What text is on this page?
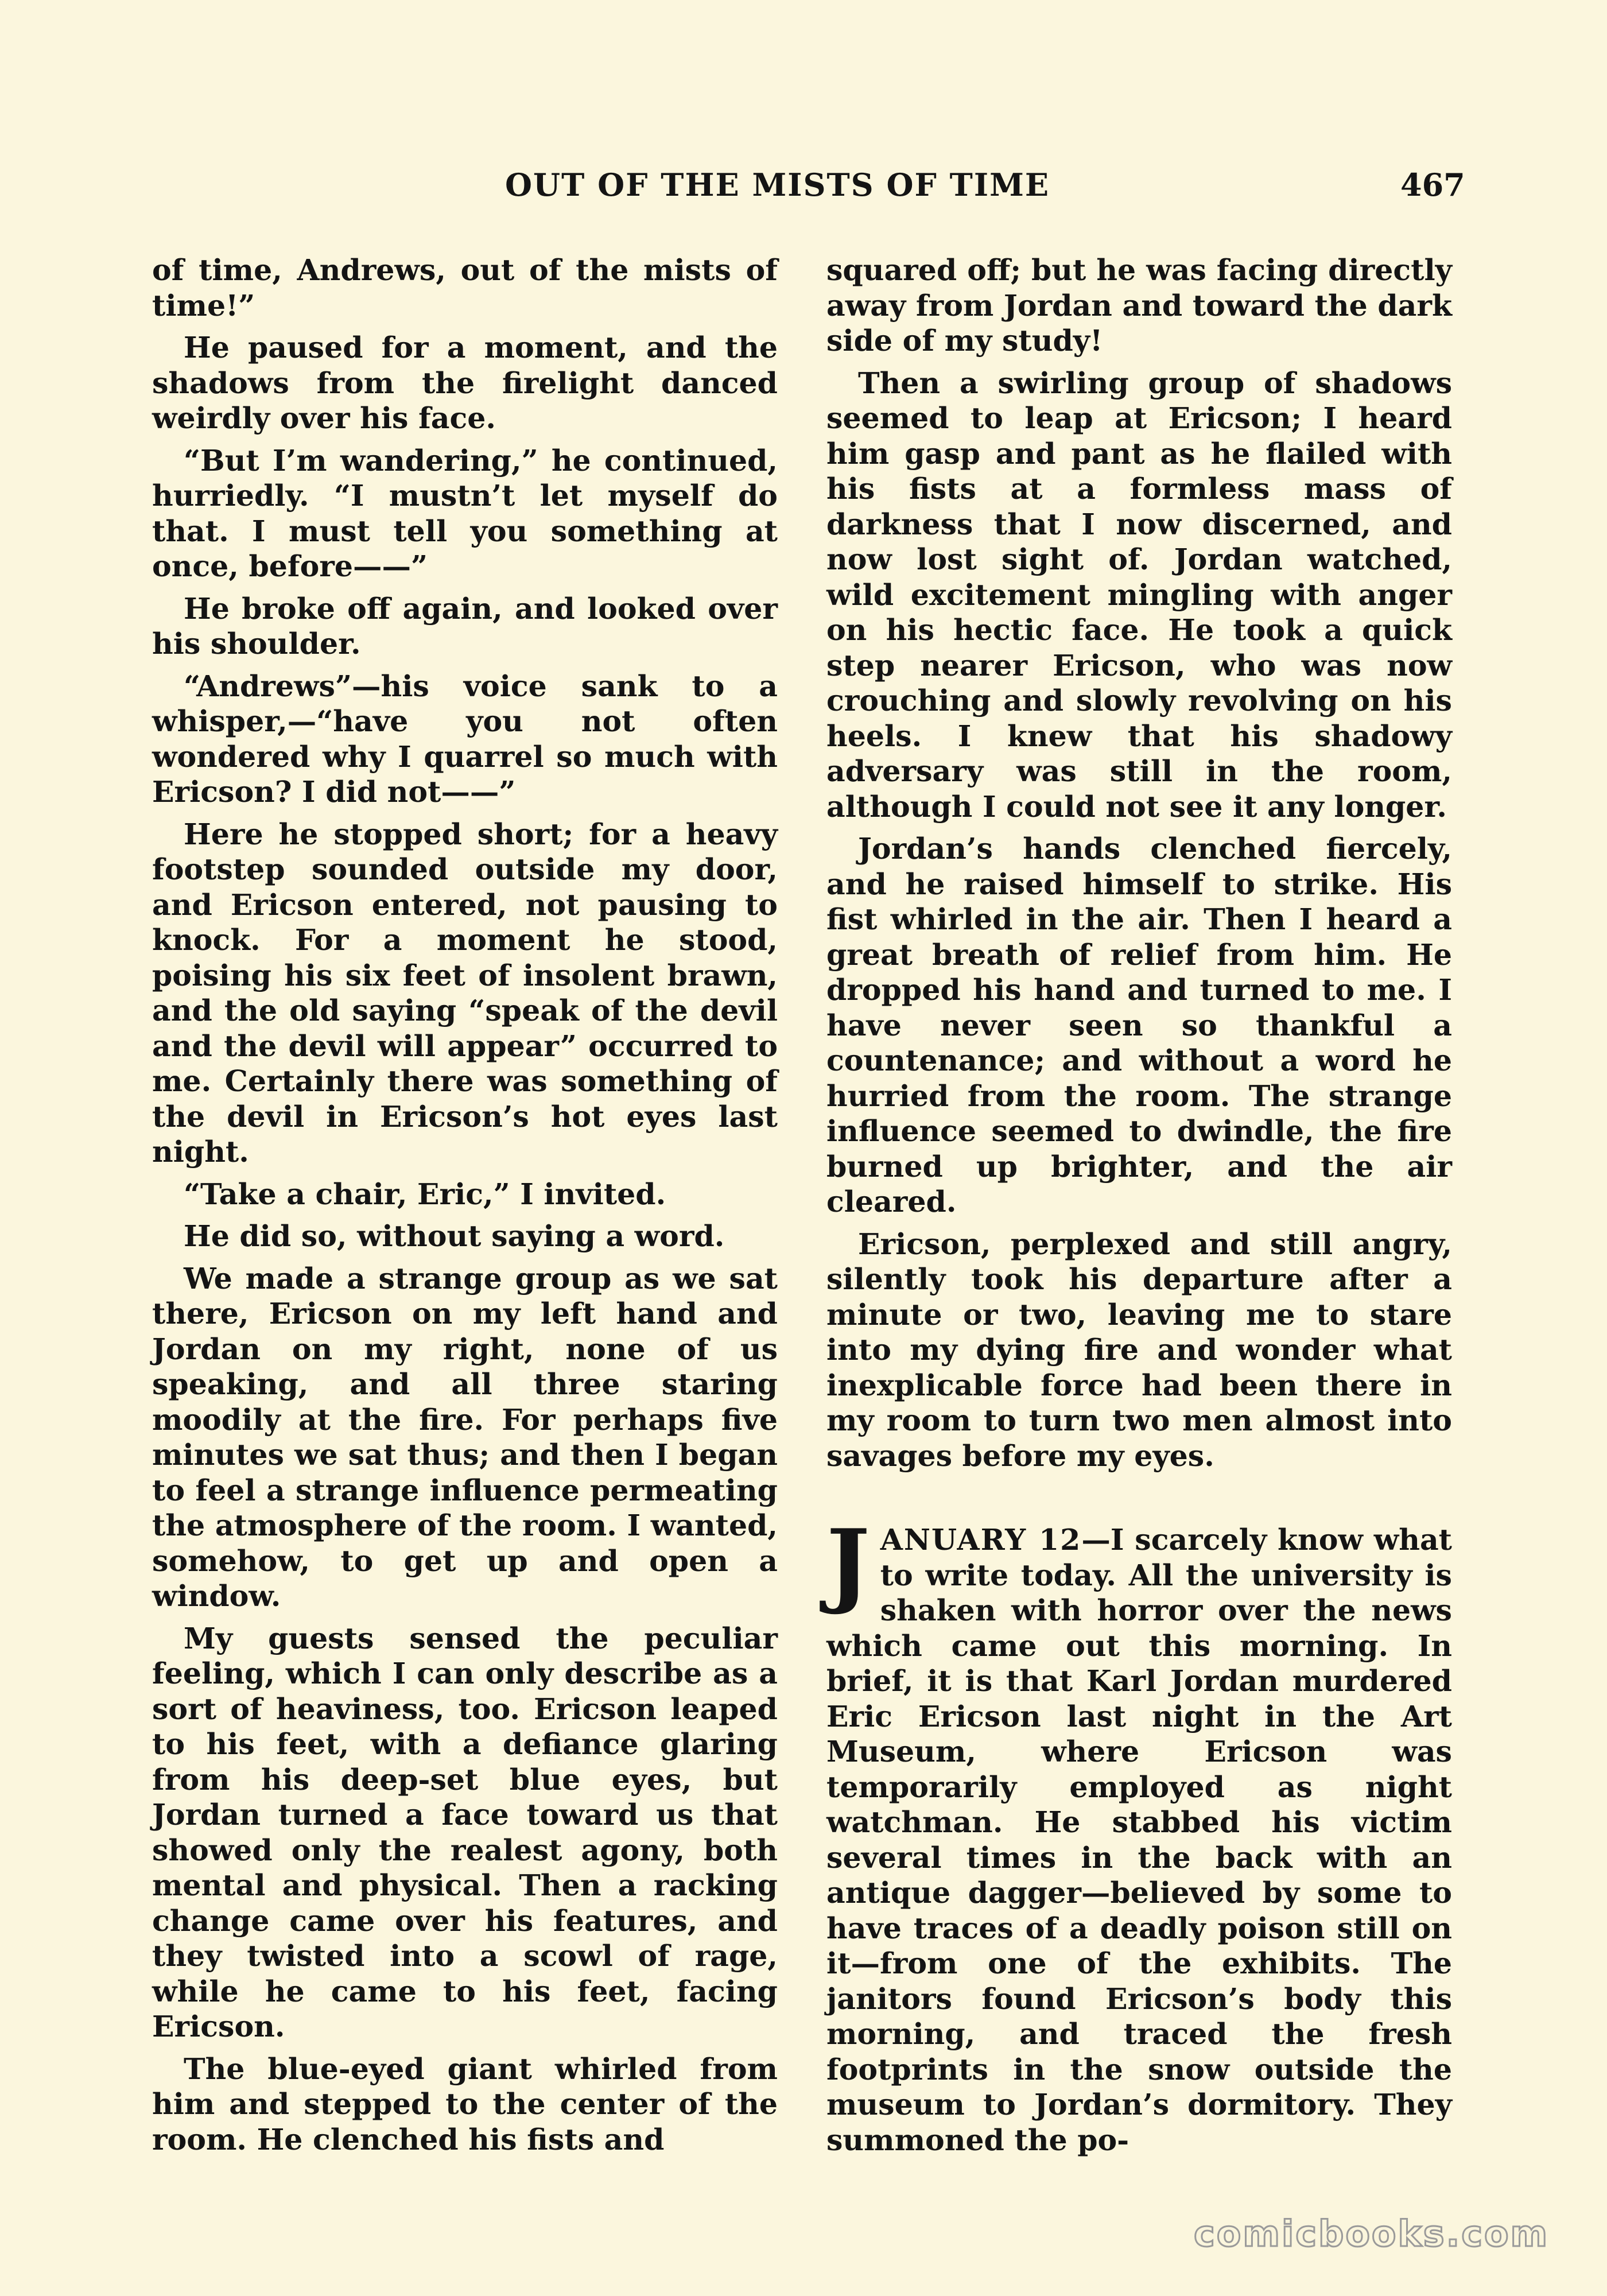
OUT OF THE MISTS OF TIME	467

of time, Andrews, out of the mists of time!”

He paused for a moment, and the shadows from the firelight danced weirdly over his face.

“But I’m wandering,” he continued, hurriedly. “I mustn’t let myself do that. I must tell you something at once, before——”

He broke off again, and looked over his shoulder.

“Andrews”—his voice sank to a whisper,—“have you not often wondered why I quarrel so much with Ericson? I did not——”

Here he stopped short; for a heavy footstep sounded outside my door, and Ericson entered, not pausing to knock. For a moment he stood, poising his six feet of insolent brawn, and the old saying “speak of the devil and the devil will appear” occurred to me. Certainly there was something of the devil in Ericson’s hot eyes last night.

“Take a chair, Eric,” I invited.

He did so, without saying a word.

We made a strange group as we sat there, Ericson on my left hand and Jordan on my right, none of us speaking, and all three staring moodily at the fire. For perhaps five minutes we sat thus; and then I began to feel a strange influence permeating the atmosphere of the room. I wanted, somehow, to get up and open a window.

My guests sensed the peculiar feeling, which I can only describe as a sort of heaviness, too. Ericson leaped to his feet, with a defiance glaring from his deep-set blue eyes, but Jordan turned a face toward us that showed only the realest agony, both mental and physical. Then a racking change came over his features, and they twisted into a scowl of rage, while he came to his feet, facing Ericson.

The blue-eyed giant whirled from him and stepped to the center of the room. He clenched his fists and

squared off; but he was facing directly away from Jordan and toward the dark side of my study!

Then a swirling group of shadows seemed to leap at Ericson; I heard him gasp and pant as he flailed with his fists at a formless mass of darkness that I now discerned, and now lost sight of. Jordan watched, wild excitement mingling with anger on his hectic face. He took a quick step nearer Ericson, who was now crouching and slowly revolving on his heels. I knew that his shadowy adversary was still in the room, although I could not see it any longer.

Jordan’s hands clenched fiercely, and he raised himself to strike. His fist whirled in the air. Then I heard a great breath of relief from him. He dropped his hand and turned to me. I have never seen so thankful a countenance; and without a word he hurried from the room. The strange influence seemed to dwindle, the fire burned up brighter, and the air cleared.

Ericson, perplexed and still angry, silently took his departure after a minute or two, leaving me to stare into my dying fire and wonder what inexplicable force had been there in my room to turn two men almost into savages before my eyes.

JANUARY 12—I scarcely know what to write today. All the university is shaken with horror over the news which came out this morning. In brief, it is that Karl Jordan murdered Eric Ericson last night in the Art Museum, where Ericson was temporarily employed as night watchman. He stabbed his victim several times in the back with an antique dagger—believed by some to have traces of a deadly poison still on it—from one of the exhibits. The janitors found Ericson’s body this morning, and traced the fresh footprints in the snow outside the museum to Jordan’s dormitory. They summoned the po-

comicbooks.com
